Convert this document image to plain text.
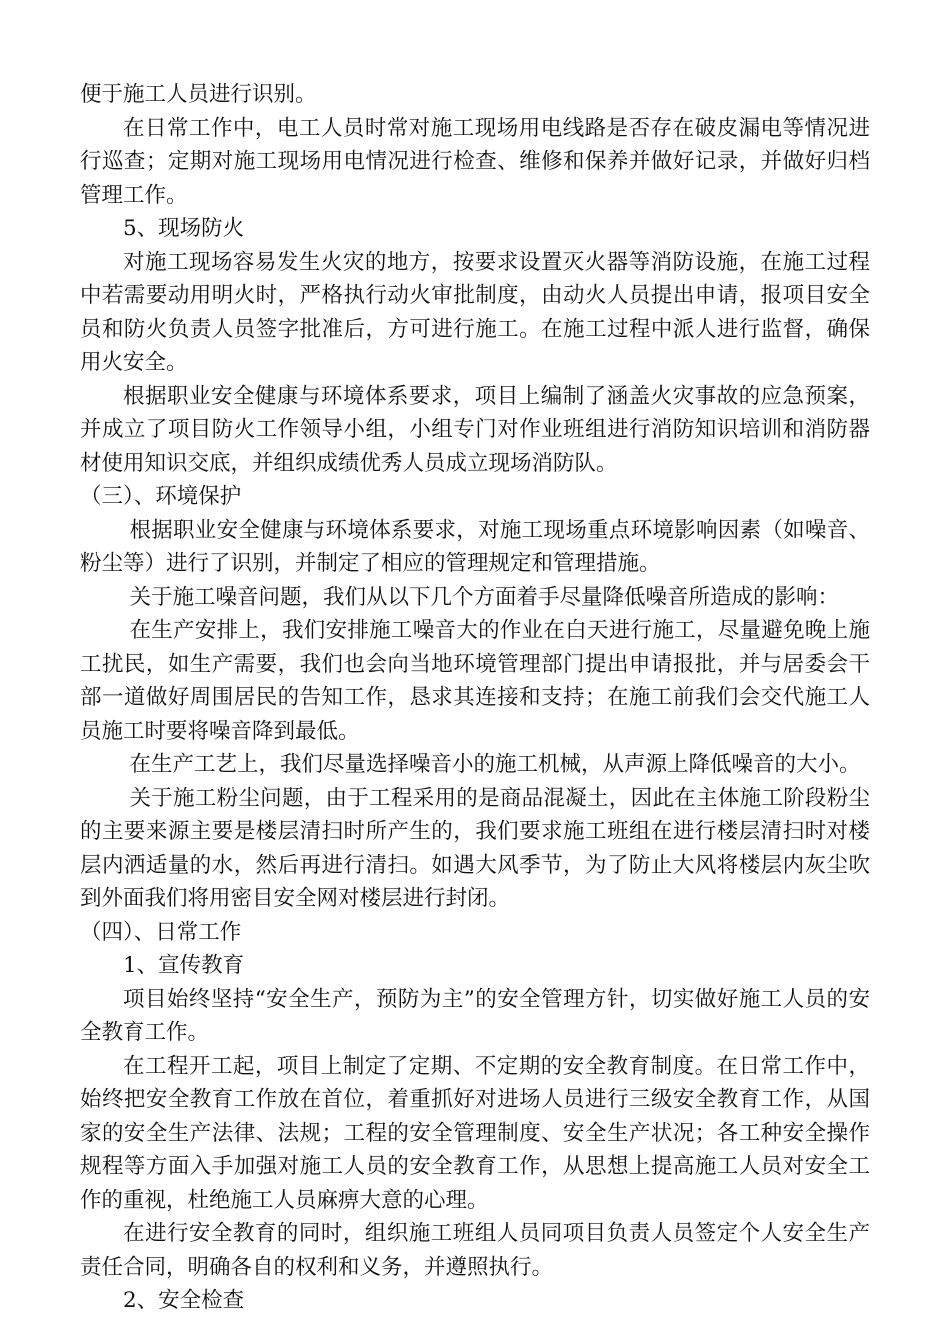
便于施工人员进行识别。

在日常工作中，电工人员时常对施工现场用电线路是否存在破皮漏电等情况进行巡查；定期对施工现场用电情况进行检查、维修和保养并做好记录，并做好归档管理工作。

5、现场防火

对施工现场容易发生火灾的地方，按要求设置灭火器等消防设施，在施工过程中若需要动用明火时，严格执行动火审批制度，由动火人员提出申请，报项目安全员和防火负责人员签字批准后，方可进行施工。在施工过程中派人进行监督，确保用火安全。

根据职业安全健康与环境体系要求，项目上编制了涵盖火灾事故的应急预案，并成立了项目防火工作领导小组，小组专门对作业班组进行消防知识培训和消防器材使用知识交底，并组织成绩优秀人员成立现场消防队。

（三）、环境保护

根据职业安全健康与环境体系要求，对施工现场重点环境影响因素（如噪音、粉尘等）进行了识别，并制定了相应的管理规定和管理措施。

关于施工噪音问题，我们从以下几个方面着手尽量降低噪音所造成的影响：

在生产安排上，我们安排施工噪音大的作业在白天进行施工，尽量避免晚上施工扰民，如生产需要，我们也会向当地环境管理部门提出申请报批，并与居委会干部一道做好周围居民的告知工作，恳求其连接和支持；在施工前我们会交代施工人员施工时要将噪音降到最低。

在生产工艺上，我们尽量选择噪音小的施工机械，从声源上降低噪音的大小。

关于施工粉尘问题，由于工程采用的是商品混凝土，因此在主体施工阶段粉尘的主要来源主要是楼层清扫时所产生的，我们要求施工班组在进行楼层清扫时对楼层内洒适量的水，然后再进行清扫。如遇大风季节，为了防止大风将楼层内灰尘吹到外面我们将用密目安全网对楼层进行封闭。

（四）、日常工作

1、宣传教育

项目始终坚持“安全生产，预防为主”的安全管理方针，切实做好施工人员的安全教育工作。

在工程开工起，项目上制定了定期、不定期的安全教育制度。在日常工作中，始终把安全教育工作放在首位，着重抓好对进场人员进行三级安全教育工作，从国家的安全生产法律、法规；工程的安全管理制度、安全生产状况；各工种安全操作规程等方面入手加强对施工人员的安全教育工作，从思想上提高施工人员对安全工作的重视，杜绝施工人员麻痹大意的心理。

在进行安全教育的同时，组织施工班组人员同项目负责人员签定个人安全生产责任合同，明确各自的权利和义务，并遵照执行。

2、安全检查
